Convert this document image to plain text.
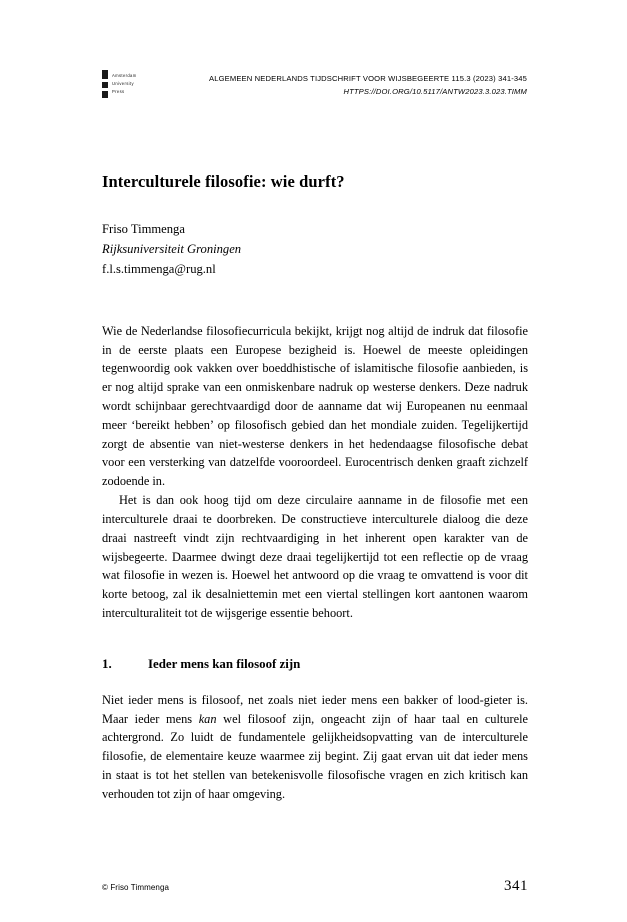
Amsterdam
University
Press
ALGEMEEN NEDERLANDS TIJDSCHRIFT VOOR WIJSBEGEERTE 115.3 (2023) 341-345
HTTPS://DOI.ORG/10.5117/ANTW2023.3.023.TIMM
Interculturele filosofie: wie durft?
Friso Timmenga
Rijksuniversiteit Groningen
f.l.s.timmenga@rug.nl

Wie de Nederlandse filosofiecurricula bekijkt, krijgt nog altijd de indruk dat filosofie in de eerste plaats een Europese bezigheid is. Hoewel de meeste opleidingen tegenwoordig ook vakken over boeddhistische of islamitische filosofie aanbieden, is er nog altijd sprake van een onmiskenbare nadruk op westerse denkers. Deze nadruk wordt schijnbaar gerechtvaardigd door de aanname dat wij Europeanen nu eenmaal meer ‘bereikt hebben’ op filosofisch gebied dan het mondiale zuiden. Tegelijkertijd zorgt de absentie van niet-westerse denkers in het hedendaagse filosofische debat voor een versterking van datzelfde vooroordeel. Eurocentrisch denken graaft zichzelf zodoende in.

Het is dan ook hoog tijd om deze circulaire aanname in de filosofie met een interculturele draai te doorbreken. De constructieve interculturele dialoog die deze draai nastreeft vindt zijn rechtvaardiging in het inherent open karakter van de wijsbegeerte. Daarmee dwingt deze draai tegelijkertijd tot een reflectie op de vraag wat filosofie in wezen is. Hoewel het antwoord op die vraag te omvattend is voor dit korte betoog, zal ik desalniettemin met een viertal stellingen kort aantonen waarom interculturaliteit tot de wijsgerige essentie behoort.

1.	Ieder mens kan filosoof zijn

Niet ieder mens is filosoof, net zoals niet ieder mens een bakker of lood-gieter is. Maar ieder mens kan wel filosoof zijn, ongeacht zijn of haar taal en culturele achtergrond. Zo luidt de fundamentele gelijkheidsopvatting van de interculturele filosofie, de elementaire keuze waarmee zij begint. Zij gaat ervan uit dat ieder mens in staat is tot het stellen van betekenisvolle filosofische vragen en zich kritisch kan verhouden tot zijn of haar omgeving.

© Friso Timmenga	341
